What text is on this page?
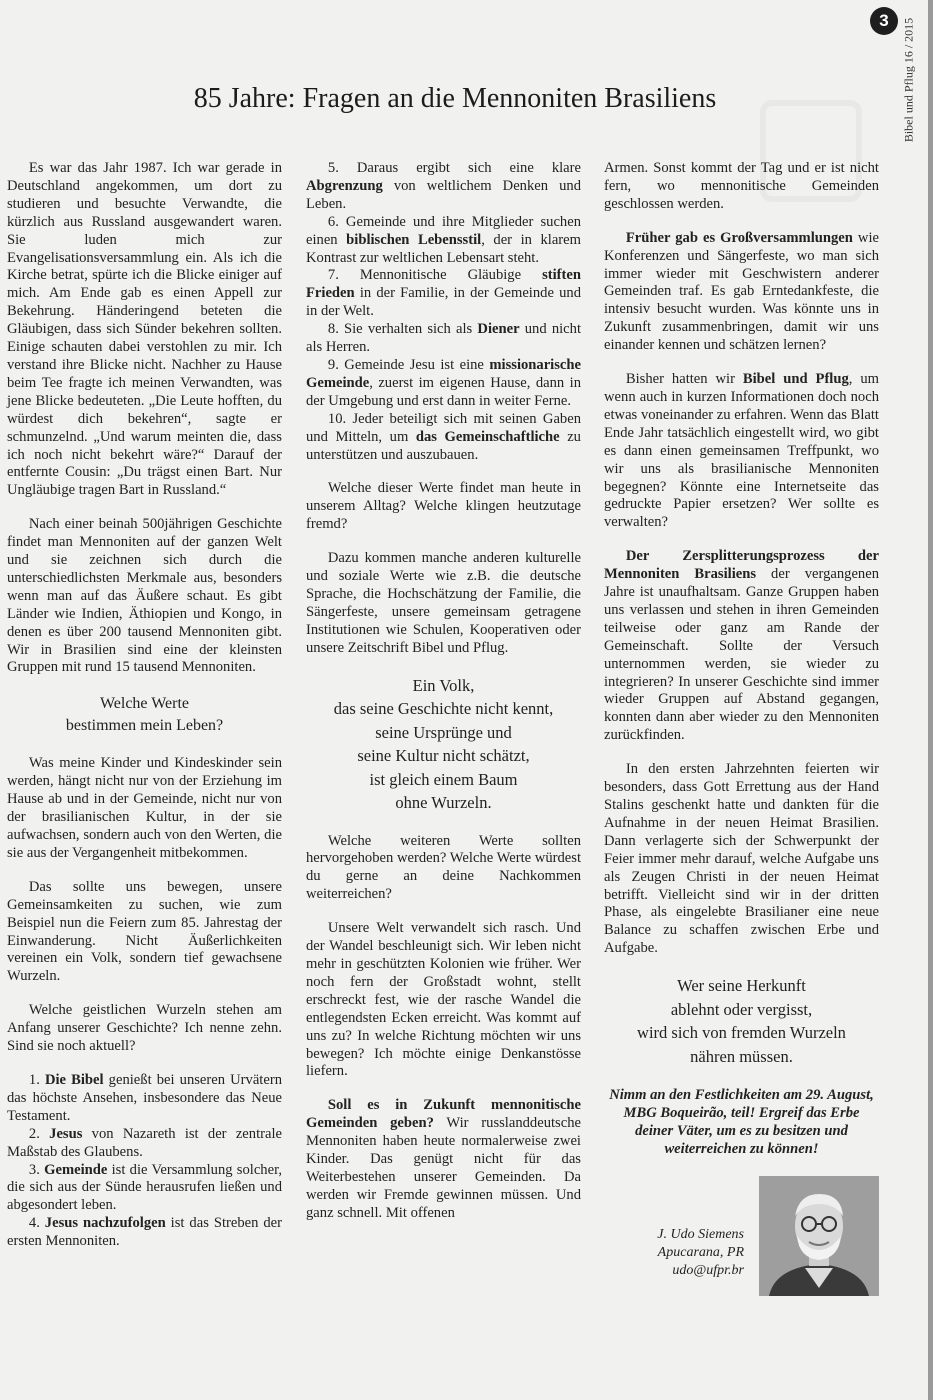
3	Bibel und Pflug 16 / 2015
85 Jahre: Fragen an die Mennoniten Brasiliens

Es war das Jahr 1987. Ich war gerade in Deutschland angekommen, um dort zu studieren und besuchte Verwandte, die kürzlich aus Russland ausgewandert waren. Sie luden mich zur Evangelisationsversammlung ein. Als ich die Kirche betrat, spürte ich die Blicke einiger auf mich. Am Ende gab es einen Appell zur Bekehrung. Händeringend beteten die Gläubigen, dass sich Sünder bekehren sollten. Einige schauten dabei verstohlen zu mir. Ich verstand ihre Blicke nicht. Nachher zu Hause beim Tee fragte ich meinen Verwandten, was jene Blicke bedeuteten. „Die Leute hofften, du würdest dich bekehren“, sagte er schmunzelnd. „Und warum meinten die, dass ich noch nicht bekehrt wäre?“ Darauf der entfernte Cousin: „Du trägst einen Bart. Nur Ungläubige tragen Bart in Russland.“

Nach einer beinah 500jährigen Geschichte findet man Mennoniten auf der ganzen Welt und sie zeichnen sich durch die unterschiedlichsten Merkmale aus, besonders wenn man auf das Äußere schaut. Es gibt Länder wie Indien, Äthiopien und Kongo, in denen es über 200 tausend Mennoniten gibt. Wir in Brasilien sind eine der kleinsten Gruppen mit rund 15 tausend Mennoniten.

Welche Werte
bestimmen mein Leben?

Was meine Kinder und Kindeskinder sein werden, hängt nicht nur von der Erziehung im Hause ab und in der Gemeinde, nicht nur von der brasilianischen Kultur, in der sie aufwachsen, sondern auch von den Werten, die sie aus der Vergangenheit mitbekommen.

Das sollte uns bewegen, unsere Gemeinsamkeiten zu suchen, wie zum Beispiel nun die Feiern zum 85. Jahrestag der Einwanderung. Nicht Äußerlichkeiten vereinen ein Volk, sondern tief gewachsene Wurzeln.

Welche geistlichen Wurzeln stehen am Anfang unserer Geschichte? Ich nenne zehn. Sind sie noch aktuell?

1. Die Bibel genießt bei unseren Urvätern das höchste Ansehen, insbesondere das Neue Testament.

2. Jesus von Nazareth ist der zentrale Maßstab des Glaubens.

3. Gemeinde ist die Versammlung solcher, die sich aus der Sünde herausrufen ließen und abgesondert leben.

4. Jesus nachzufolgen ist das Streben der ersten Mennoniten.

5. Daraus ergibt sich eine klare Abgrenzung von weltlichem Denken und Leben.

6. Gemeinde und ihre Mitglieder suchen einen biblischen Lebensstil, der in klarem Kontrast zur weltlichen Lebensart steht.

7. Mennonitische Gläubige stiften Frieden in der Familie, in der Gemeinde und in der Welt.

8. Sie verhalten sich als Diener und nicht als Herren.

9. Gemeinde Jesu ist eine missionarische Gemeinde, zuerst im eigenen Hause, dann in der Umgebung und erst dann in weiter Ferne.

10. Jeder beteiligt sich mit seinen Gaben und Mitteln, um das Gemeinschaftliche zu unterstützen und auszubauen.

Welche dieser Werte findet man heute in unserem Alltag? Welche klingen heutzutage fremd?

Dazu kommen manche anderen kulturelle und soziale Werte wie z.B. die deutsche Sprache, die Hochschätzung der Familie, die Sängerfeste, unsere gemeinsam getragene Institutionen wie Schulen, Kooperativen oder unsere Zeitschrift Bibel und Pflug.

Ein Volk,
das seine Geschichte nicht kennt,
seine Ursprünge und
seine Kultur nicht schätzt,
ist gleich einem Baum
ohne Wurzeln.

Welche weiteren Werte sollten hervorgehoben werden? Welche Werte würdest du gerne an deine Nachkommen weiterreichen?

Unsere Welt verwandelt sich rasch. Und der Wandel beschleunigt sich. Wir leben nicht mehr in geschützten Kolonien wie früher. Wer noch fern der Großstadt wohnt, stellt erschreckt fest, wie der rasche Wandel die entlegendsten Ecken erreicht. Was kommt auf uns zu? In welche Richtung möchten wir uns bewegen? Ich möchte einige Denkanstösse liefern.

Soll es in Zukunft mennonitische Gemeinden geben? Wir russlanddeutsche Mennoniten haben heute normalerweise zwei Kinder. Das genügt nicht für das Weiterbestehen unserer Gemeinden. Da werden wir Fremde gewinnen müssen. Und ganz schnell. Mit offenen

Armen. Sonst kommt der Tag und er ist nicht fern, wo mennonitische Gemeinden geschlossen werden.

Früher gab es Großversammlungen wie Konferenzen und Sängerfeste, wo man sich immer wieder mit Geschwistern anderer Gemeinden traf. Es gab Erntedankfeste, die intensiv besucht wurden. Was könnte uns in Zukunft zusammenbringen, damit wir uns einander kennen und schätzen lernen?

Bisher hatten wir Bibel und Pflug, um wenn auch in kurzen Informationen doch noch etwas voneinander zu erfahren. Wenn das Blatt Ende Jahr tatsächlich eingestellt wird, wo gibt es dann einen gemeinsamen Treffpunkt, wo wir uns als brasilianische Mennoniten begegnen? Könnte eine Internetseite das gedruckte Papier ersetzen? Wer sollte es verwalten?

Der Zersplitterungsprozess der Mennoniten Brasiliens der vergangenen Jahre ist unaufhaltsam. Ganze Gruppen haben uns verlassen und stehen in ihren Gemeinden teilweise oder ganz am Rande der Gemeinschaft. Sollte der Versuch unternommen werden, sie wieder zu integrieren? In unserer Geschichte sind immer wieder Gruppen auf Abstand gegangen, konnten dann aber wieder zu den Mennoniten zurückfinden.

In den ersten Jahrzehnten feierten wir besonders, dass Gott Errettung aus der Hand Stalins geschenkt hatte und dankten für die Aufnahme in der neuen Heimat Brasilien. Dann verlagerte sich der Schwerpunkt der Feier immer mehr darauf, welche Aufgabe uns als Zeugen Christi in der neuen Heimat betrifft. Vielleicht sind wir in der dritten Phase, als eingelebte Brasilianer eine neue Balance zu schaffen zwischen Erbe und Aufgabe.

Wer seine Herkunft
ablehnt oder vergisst,
wird sich von fremden Wurzeln
nähren müssen.
Nimm an den Festlichkeiten am 29. August, MBG Boqueirão, teil! Ergreif das Erbe deiner Väter, um es zu besitzen und weiterreichen zu können!
J. Udo Siemens
Apucarana, PR
udo@ufpr.br
